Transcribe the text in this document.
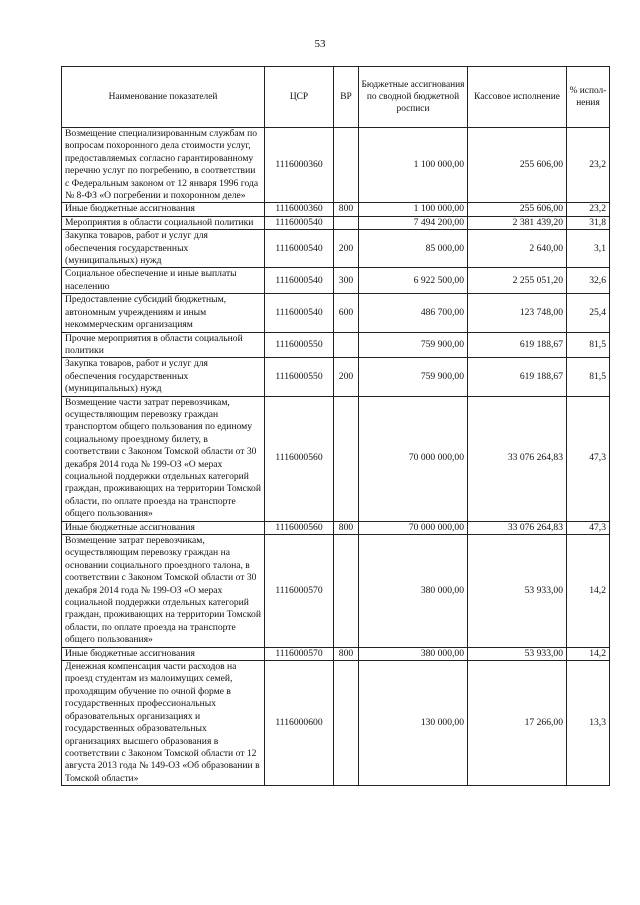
53
Наименование показателей	ЦСР	ВР	Бюджетные ассигнования по сводной бюджетной росписи	Кассовое исполнение	% испол-нения
Возмещение специализированным службам по вопросам похоронного дела стоимости услуг, предоставляемых согласно гарантированному перечню услуг по погребению, в соответствии с Федеральным законом от 12 января 1996 года № 8-ФЗ «О погребении и похоронном деле»	1116000360		1 100 000,00	255 606,00	23,2
Иные бюджетные ассигнования	1116000360	800	1 100 000,00	255 606,00	23,2
Мероприятия в области социальной политики	1116000540		7 494 200,00	2 381 439,20	31,8
Закупка товаров, работ и услуг для обеспечения государственных (муниципальных) нужд	1116000540	200	85 000,00	2 640,00	3,1
Социальное обеспечение и иные выплаты населению	1116000540	300	6 922 500,00	2 255 051,20	32,6
Предоставление субсидий бюджетным, автономным учреждениям и иным некоммерческим организациям	1116000540	600	486 700,00	123 748,00	25,4
Прочие мероприятия в области социальной политики	1116000550		759 900,00	619 188,67	81,5
Закупка товаров, работ и услуг для обеспечения государственных (муниципальных) нужд	1116000550	200	759 900,00	619 188,67	81,5
Возмещение части затрат перевозчикам, осуществляющим перевозку граждан транспортом общего пользования по единому социальному проездному билету, в соответствии с Законом Томской области от 30 декабря 2014 года № 199-ОЗ «О мерах социальной поддержки отдельных категорий граждан, проживающих на территории Томской области, по оплате проезда на транспорте общего пользования»	1116000560		70 000 000,00	33 076 264,83	47,3
Иные бюджетные ассигнования	1116000560	800	70 000 000,00	33 076 264,83	47,3
Возмещение затрат перевозчикам, осуществляющим перевозку граждан на основании социального проездного талона, в соответствии с Законом Томской области от 30 декабря 2014 года № 199-ОЗ «О мерах социальной поддержки отдельных категорий граждан, проживающих на территории Томской области, по оплате проезда на транспорте общего пользования»	1116000570		380 000,00	53 933,00	14,2
Иные бюджетные ассигнования	1116000570	800	380 000,00	53 933,00	14,2
Денежная компенсация части расходов на проезд студентам из малоимущих семей, проходящим обучение по очной форме в государственных профессиональных образовательных организациях и государственных образовательных организациях высшего образования в соответствии с Законом Томской области от 12 августа 2013 года № 149-ОЗ «Об образовании в Томской области»	1116000600		130 000,00	17 266,00	13,3
